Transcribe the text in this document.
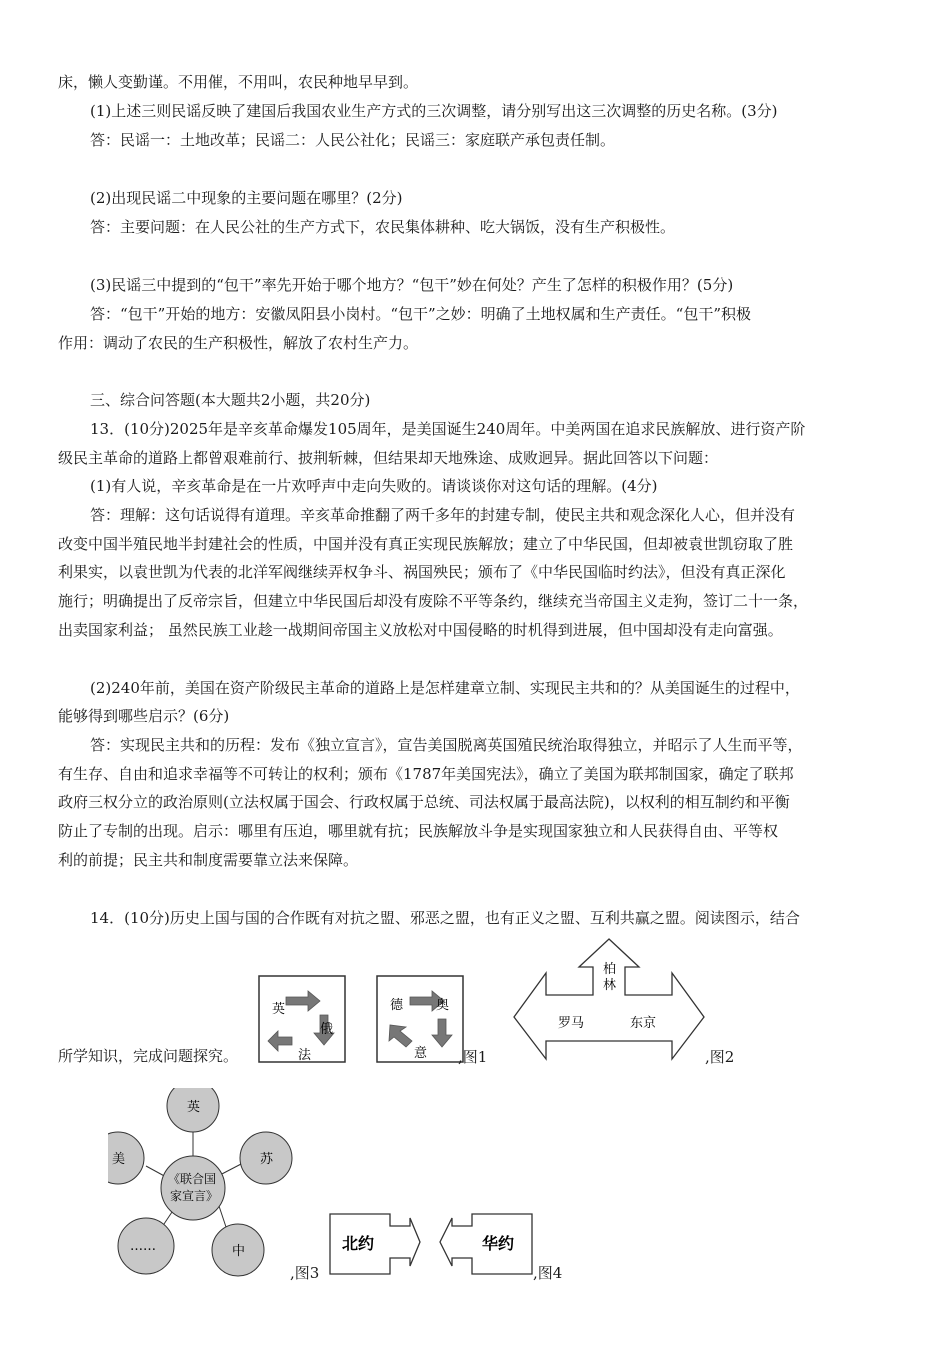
床，懒人变勤谨。不用催，不用叫，农民种地早早到。
(1)上述三则民谣反映了建国后我国农业生产方式的三次调整，请分别写出这三次调整的历史名称。(3分)
答：民谣一：土地改革；民谣二：人民公社化；民谣三：家庭联产承包责任制。
(2)出现民谣二中现象的主要问题在哪里？(2分)
答：主要问题：在人民公社的生产方式下，农民集体耕种、吃大锅饭，没有生产积极性。
(3)民谣三中提到的“包干”率先开始于哪个地方？“包干”妙在何处？产生了怎样的积极作用？(5分)
答：“包干”开始的地方：安徽凤阳县小岗村。“包干”之妙：明确了土地权属和生产责任。“包干”积极
作用：调动了农民的生产积极性，解放了农村生产力。
三、综合问答题(本大题共2小题，共20分)
13．(10分)2025年是辛亥革命爆发105周年，是美国诞生240周年。中美两国在追求民族解放、进行资产阶
级民主革命的道路上都曾艰难前行、披荆斩棘，但结果却天地殊途、成败迥异。据此回答以下问题：
(1)有人说，辛亥革命是在一片欢呼声中走向失败的。请谈谈你对这句话的理解。(4分)
答：理解：这句话说得有道理。辛亥革命推翻了两千多年的封建专制，使民主共和观念深化人心，但并没有
改变中国半殖民地半封建社会的性质，中国并没有真正实现民族解放；建立了中华民国，但却被袁世凯窃取了胜
利果实，以袁世凯为代表的北洋军阀继续弄权争斗、祸国殃民；颁布了《中华民国临时约法》，但没有真正深化
施行；明确提出了反帝宗旨，但建立中华民国后却没有废除不平等条约，继续充当帝国主义走狗，签订二十一条，
出卖国家利益； 虽然民族工业趁一战期间帝国主义放松对中国侵略的时机得到进展，但中国却没有走向富强。
(2)240年前，美国在资产阶级民主革命的道路上是怎样建章立制、实现民主共和的？从美国诞生的过程中，
能够得到哪些启示？(6分)
答：实现民主共和的历程：发布《独立宣言》，宣告美国脱离英国殖民统治取得独立，并昭示了人生而平等，
有生存、自由和追求幸福等不可转让的权利；颁布《1787年美国宪法》，确立了美国为联邦制国家，确定了联邦
政府三权分立的政治原则(立法权属于国会、行政权属于总统、司法权属于最高法院)，以权利的相互制约和平衡
防止了专制的出现。启示：哪里有压迫，哪里就有抗；民族解放斗争是实现国家独立和人民获得自由、平等权
利的前提；民主共和制度需要靠立法来保障。
14．(10分)历史上国与国的合作既有对抗之盟、邪恶之盟，也有正义之盟、互利共赢之盟。阅读图示，结合
所学知识，完成问题探究。
英
俄
法
德	奥
意 ,图1
柏
林
罗马	东京
,图2
英
苏
中
……
美
《联合国
家宣言》
,图3
北约	华约
,图4
